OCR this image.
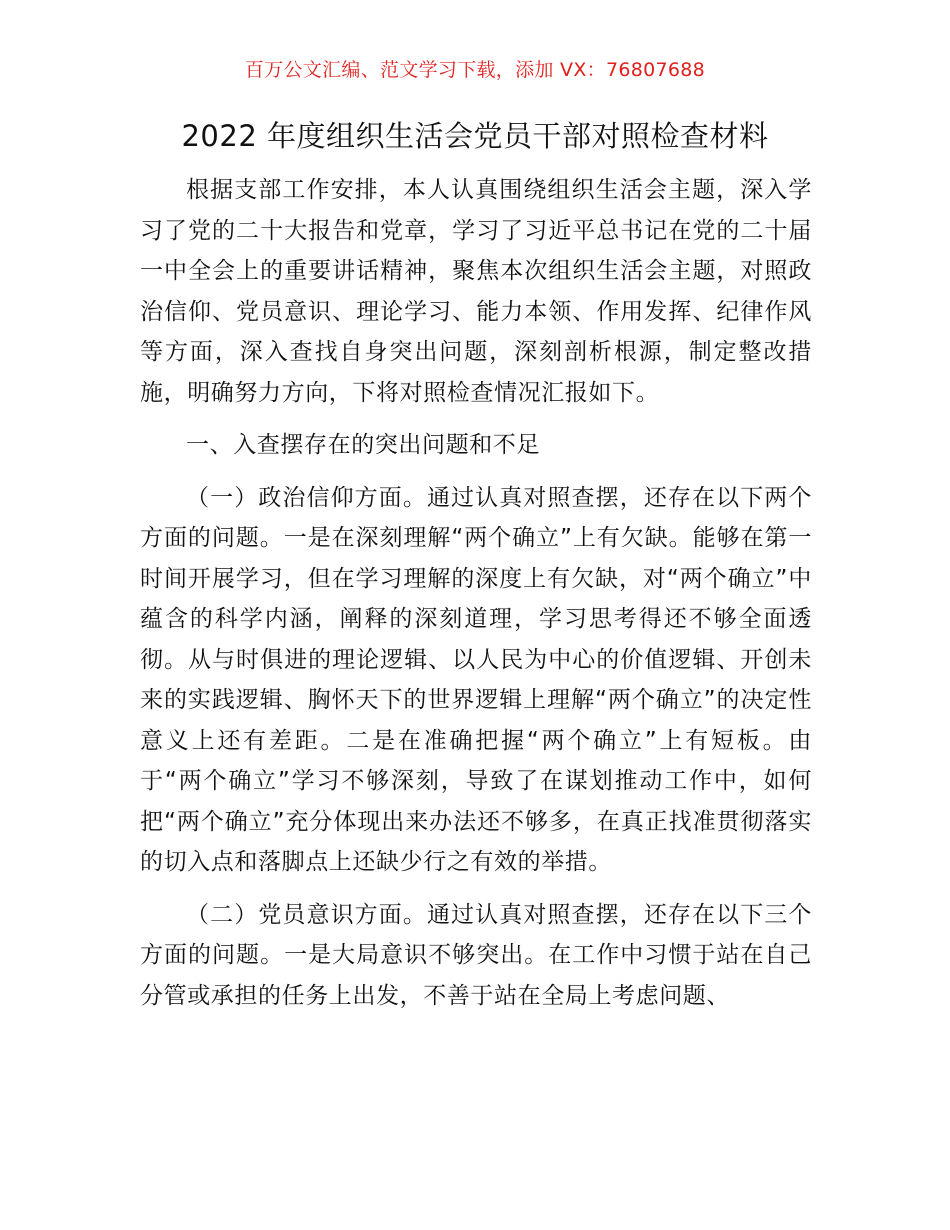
百万公文汇编、范文学习下载，添加 VX：76807688
2022 年度组织生活会党员干部对照检查材料

根据支部工作安排，本人认真围绕组织生活会主题，深入学习了党的二十大报告和党章，学习了习近平总书记在党的二十届一中全会上的重要讲话精神，聚焦本次组织生活会主题，对照政治信仰、党员意识、理论学习、能力本领、作用发挥、纪律作风等方面，深入查找自身突出问题，深刻剖析根源，制定整改措施，明确努力方向，下将对照检查情况汇报如下。

一、入查摆存在的突出问题和不足

（一）政治信仰方面。通过认真对照查摆，还存在以下两个方面的问题。一是在深刻理解“两个确立”上有欠缺。能够在第一时间开展学习，但在学习理解的深度上有欠缺，对“两个确立”中蕴含的科学内涵，阐释的深刻道理，学习思考得还不够全面透彻。从与时俱进的理论逻辑、以人民为中心的价值逻辑、开创未来的实践逻辑、胸怀天下的世界逻辑上理解“两个确立”的决定性意义上还有差距。二是在准确把握“两个确立”上有短板。由于“两个确立”学习不够深刻，导致了在谋划推动工作中，如何把“两个确立”充分体现出来办法还不够多，在真正找准贯彻落实的切入点和落脚点上还缺少行之有效的举措。

（二）党员意识方面。通过认真对照查摆，还存在以下三个方面的问题。一是大局意识不够突出。在工作中习惯于站在自己分管或承担的任务上出发，不善于站在全局上考虑问题、
